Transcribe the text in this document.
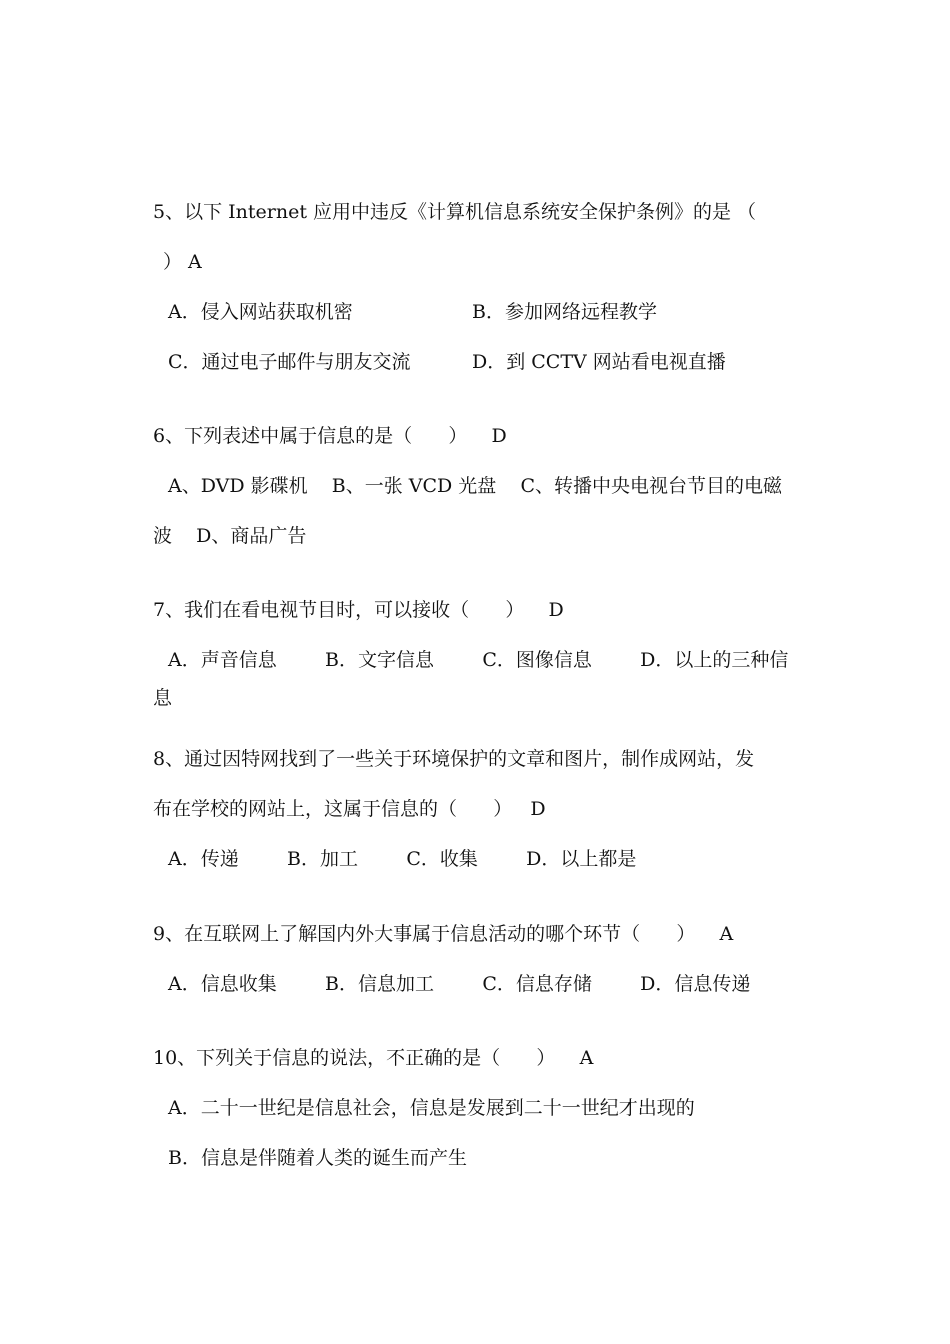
5、以下 Internet 应用中违反《计算机信息系统安全保护条例》的是 （
） A
A．侵入网站获取机密	B．参加网络远程教学
C．通过电子邮件与朋友交流	D．到 CCTV 网站看电视直播
6、下列表述中属于信息的是（      ）    D
A、DVD 影碟机    B、一张 VCD 光盘    C、转播中央电视台节目的电磁
波    D、商品广告
7、我们在看电视节目时，可以接收（      ）    D
A．声音信息        B．文字信息        C．图像信息        D．以上的三种信
息
8、通过因特网找到了一些关于环境保护的文章和图片，制作成网站，发
布在学校的网站上，这属于信息的（      ）   D
A．传递        B．加工        C．收集        D．以上都是
9、在互联网上了解国内外大事属于信息活动的哪个环节（      ）    A
A．信息收集        B．信息加工        C．信息存储        D．信息传递
10、下列关于信息的说法，不正确的是（      ）    A
A．二十一世纪是信息社会，信息是发展到二十一世纪才出现的
B．信息是伴随着人类的诞生而产生
